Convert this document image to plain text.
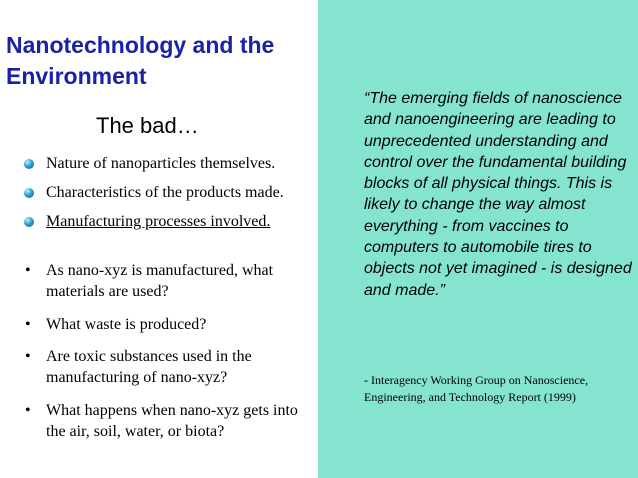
Nanotechnology and the Environment
The bad…
Nature of nanoparticles themselves.
Characteristics of the products made.
Manufacturing processes involved.
• As nano-xyz is manufactured, what materials are used?
• What waste is produced?
• Are toxic substances used in the manufacturing of nano-xyz?
• What happens when nano-xyz gets into the air, soil, water, or biota?

“The emerging fields of nanoscience and nanoengineering are leading to unprecedented understanding and control over the fundamental building blocks of all physical things. This is likely to change the way almost everything - from vaccines to computers to automobile tires to objects not yet imagined - is designed and made.”

- Interagency Working Group on Nanoscience, Engineering, and Technology Report (1999)
